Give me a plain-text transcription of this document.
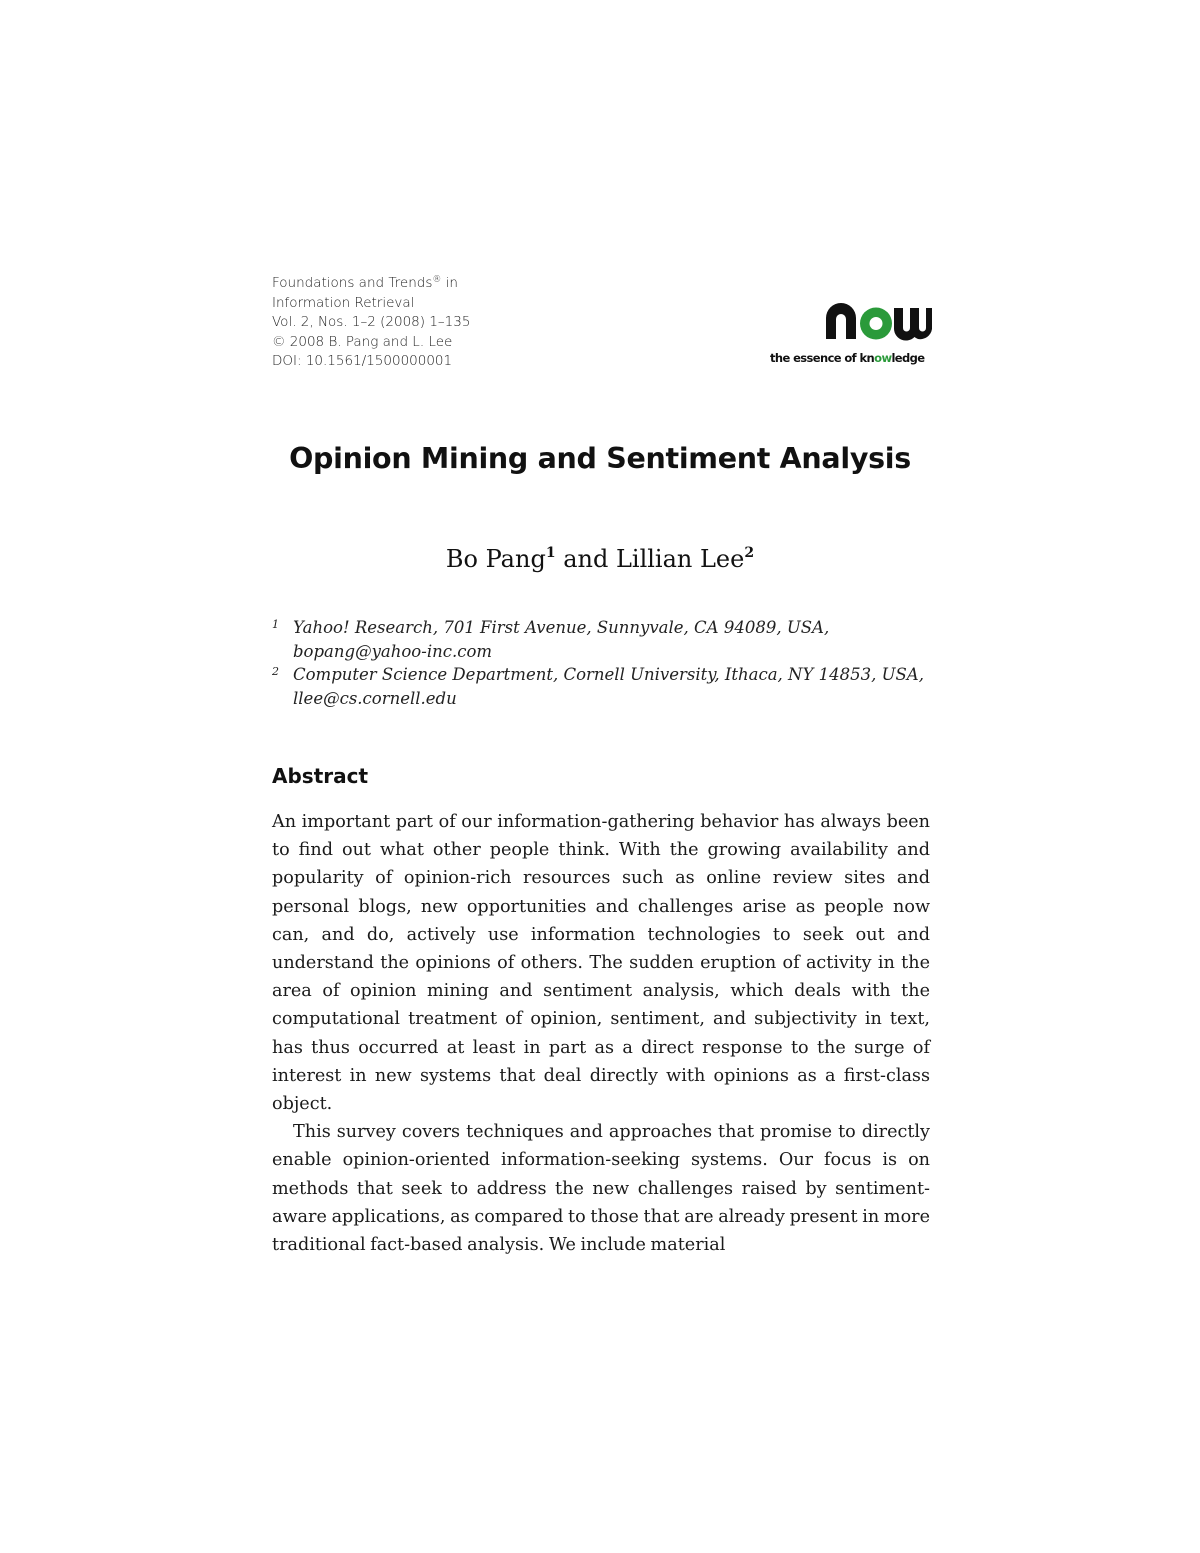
Foundations and Trends® in
Information Retrieval
Vol. 2, Nos. 1–2 (2008) 1–135
© 2008 B. Pang and L. Lee
DOI: 10.1561/1500000001	the essence of knowledge
Opinion Mining and Sentiment Analysis
Bo Pang$^1$ and Lillian Lee$^2$
1 Yahoo! Research, 701 First Avenue, Sunnyvale, CA 94089, USA, bopang@yahoo-inc.com
2 Computer Science Department, Cornell University, Ithaca, NY 14853, USA, llee@cs.cornell.edu
Abstract

An important part of our information-gathering behavior has always been to find out what other people think. With the growing availability and popularity of opinion-rich resources such as online review sites and personal blogs, new opportunities and challenges arise as people now can, and do, actively use information technologies to seek out and understand the opinions of others. The sudden eruption of activity in the area of opinion mining and sentiment analysis, which deals with the computational treatment of opinion, sentiment, and subjectivity in text, has thus occurred at least in part as a direct response to the surge of interest in new systems that deal directly with opinions as a first-class object.

This survey covers techniques and approaches that promise to directly enable opinion-oriented information-seeking systems. Our focus is on methods that seek to address the new challenges raised by sentiment-aware applications, as compared to those that are already present in more traditional fact-based analysis. We include material
